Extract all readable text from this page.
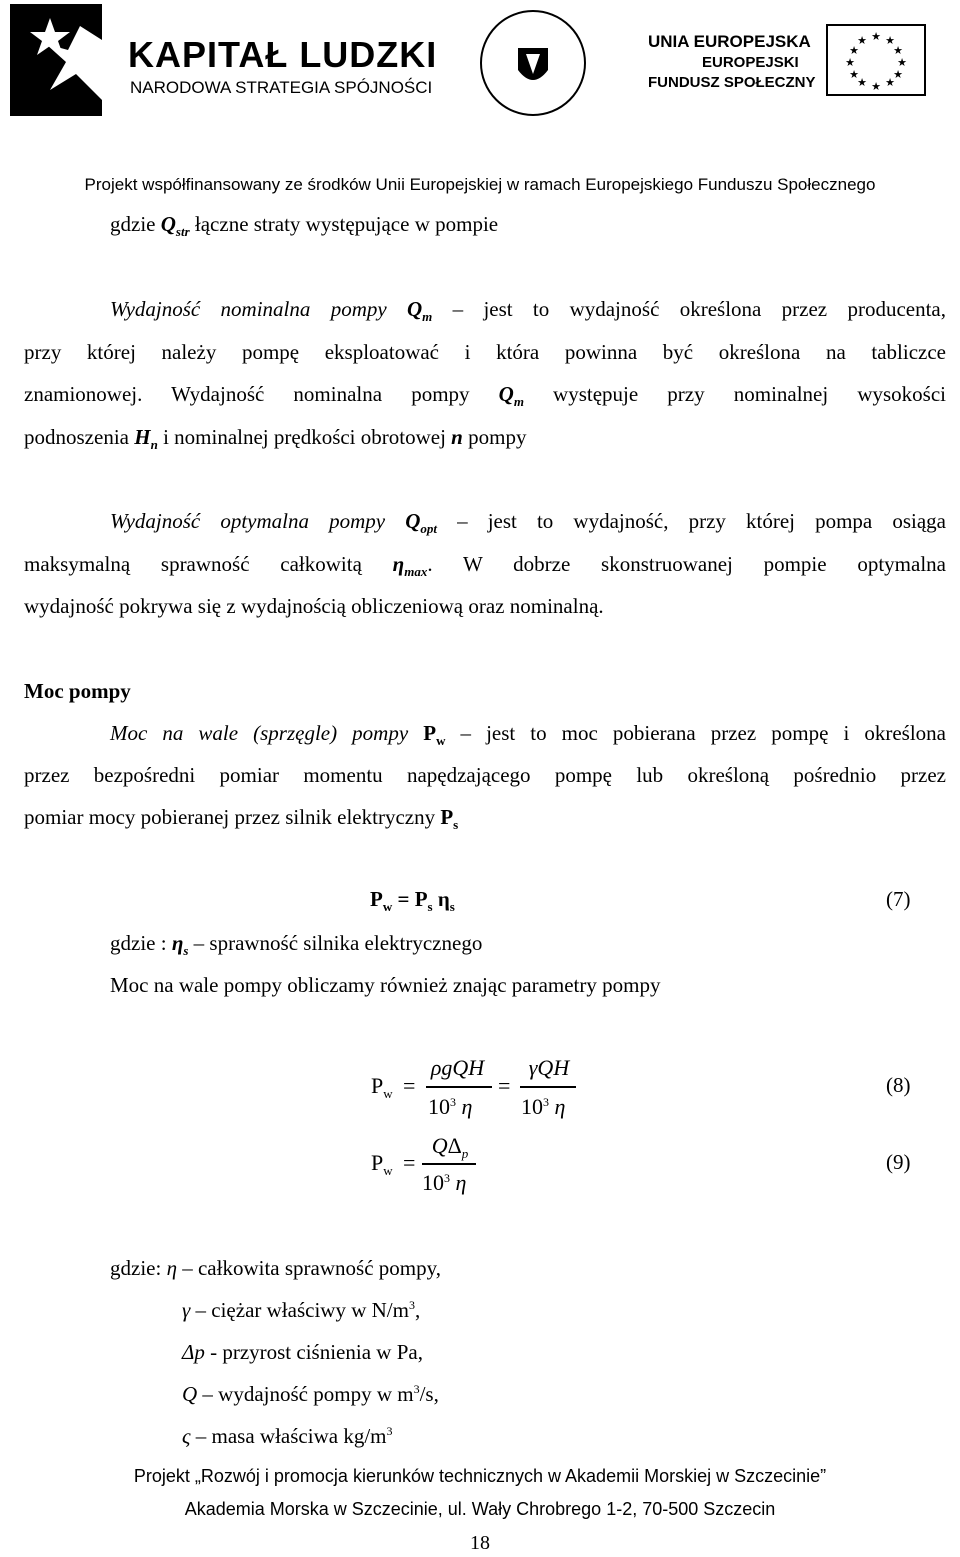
KAPITAŁ LUDZKI
NARODOWA STRATEGIA SPÓJNOŚCI
UNIA EUROPEJSKA
EUROPEJSKI
FUNDUSZ SPOŁECZNY
★ ★
★
★
★
★
★
★
★
★
★
★
Projekt współfinansowany ze środków Unii Europejskiej w ramach Europejskiego Funduszu Społecznego
gdzie $Q_{str}$ łączne straty występujące w pompie
Wydajność nominalna pompy $Q_m$ – jest to wydajność określona przez producenta,
przy której należy pompę eksploatować i która powinna być określona na tabliczce
znamionowej. Wydajność nominalna pompy $Q_m$ występuje przy nominalnej wysokości
podnoszenia $H_n$ i nominalnej prędkości obrotowej n pompy
Wydajność optymalna pompy $Q_{opt}$ – jest to wydajność, przy której pompa osiąga
maksymalną sprawność całkowitą $\eta_{max}$. W dobrze skonstruowanej pompie optymalna
wydajność pokrywa się z wydajnością obliczeniową oraz nominalną.
Moc pompy
Moc na wale (sprzęgle) pompy $P_w$ – jest to moc pobierana przez pompę i określona
przez bezpośredni pomiar momentu napędzającego pompę lub określoną pośrednio przez
pomiar mocy pobieranej przez silnik elektryczny $P_s$
$P_w = P_s$ $\eta_s$	(7)
gdzie : $\eta_s$ – sprawność silnika elektrycznego
Moc na wale pompy obliczamy również znając parametry pompy
$P_w$ =
ρgQH
$10^3$ η
=
γQH
$10^3$ η
(8)
$P_w$ =
$Q\Delta_p$
$10^3$ η
(9)
gdzie: η – całkowita sprawność pompy,
γ – ciężar właściwy w $N/m^3$,
Δp - przyrost ciśnienia w Pa,
Q – wydajność pompy w $m^3/s$,
ς – masa właściwa $kg/m^3$
Projekt „Rozwój i promocja kierunków technicznych w Akademii Morskiej w Szczecinie”
Akademia Morska w Szczecinie, ul. Wały Chrobrego 1-2, 70-500 Szczecin
18
